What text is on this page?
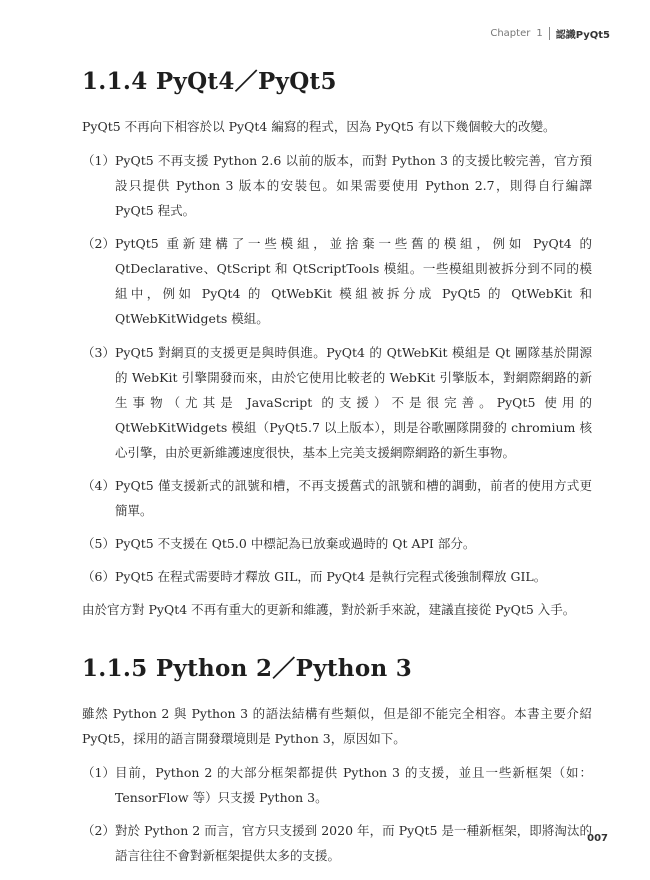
Chapter 1 認識PyQt5
1.1.4 PyQt4／PyQt5

PyQt5 不再向下相容於以 PyQt4 編寫的程式，因為 PyQt5 有以下幾個較大的改變。

（1） PyQt5 不再支援 Python 2.6 以前的版本，而對 Python 3 的支援比較完善，官方預設只提供 Python 3 版本的安裝包。如果需要使用 Python 2.7，則得自行編譯 PyQt5 程式。
（2） PytQt5 重新建構了一些模組，並捨棄一些舊的模組，例如 PyQt4 的 QtDeclarative、QtScript 和 QtScriptTools 模組。一些模組則被拆分到不同的模組中，例如 PyQt4 的 QtWebKit 模組被拆分成 PyQt5 的 QtWebKit 和 QtWebKitWidgets 模組。
（3） PyQt5 對網頁的支援更是與時俱進。PyQt4 的 QtWebKit 模組是 Qt 團隊基於開源的 WebKit 引擎開發而來，由於它使用比較老的 WebKit 引擎版本，對網際網路的新生事物（尤其是 JavaScript 的支援）不是很完善。PyQt5 使用的 QtWebKitWidgets 模組（PyQt5.7 以上版本），則是谷歌團隊開發的 chromium 核心引擎，由於更新維護速度很快，基本上完美支援網際網路的新生事物。
（4） PyQt5 僅支援新式的訊號和槽，不再支援舊式的訊號和槽的調動，前者的使用方式更簡單。
（5） PyQt5 不支援在 Qt5.0 中標記為已放棄或過時的 Qt API 部分。
（6） PyQt5 在程式需要時才釋放 GIL，而 PyQt4 是執行完程式後強制釋放 GIL。

由於官方對 PyQt4 不再有重大的更新和維護，對於新手來說，建議直接從 PyQt5 入手。

1.1.5 Python 2／Python 3

雖然 Python 2 與 Python 3 的語法結構有些類似，但是卻不能完全相容。本書主要介紹 PyQt5，採用的語言開發環境則是 Python 3，原因如下。

（1） 目前，Python 2 的大部分框架都提供 Python 3 的支援，並且一些新框架（如：TensorFlow 等）只支援 Python 3。
（2） 對於 Python 2 而言，官方只支援到 2020 年，而 PyQt5 是一種新框架，即將淘汰的語言往往不會對新框架提供太多的支援。
007
